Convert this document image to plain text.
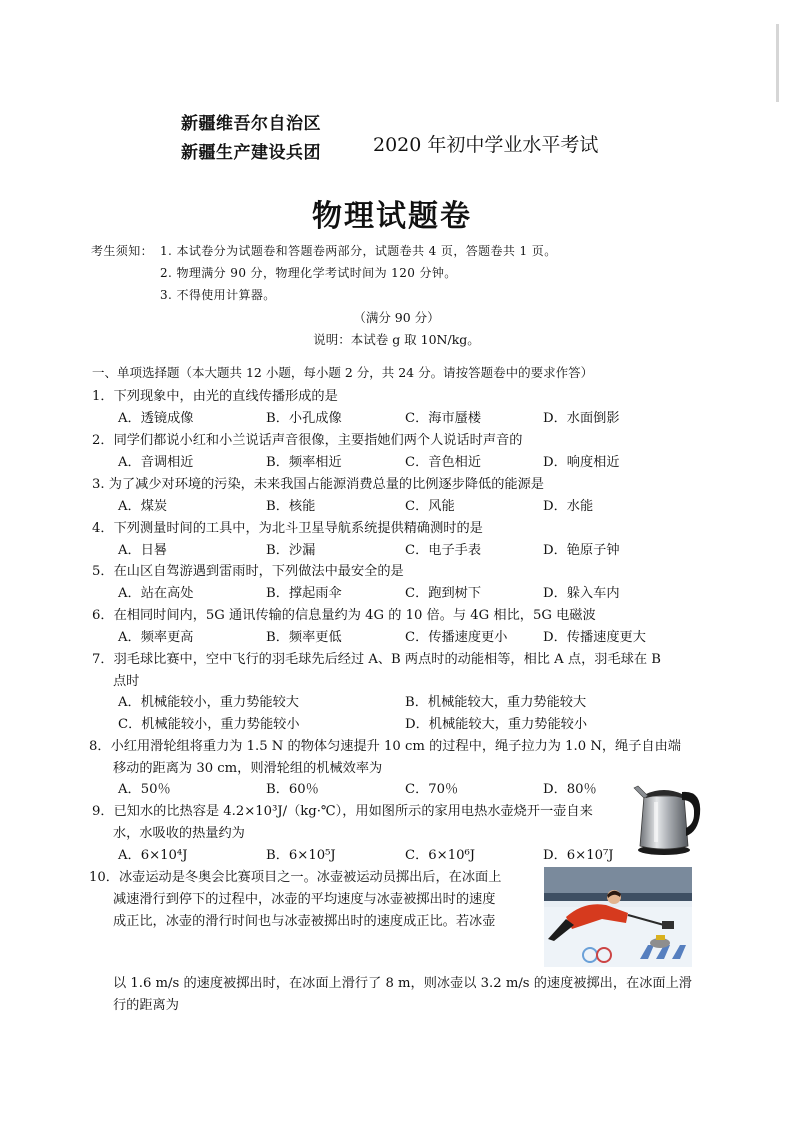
新疆维吾尔自治区
新疆生产建设兵团	2020 年初中学业水平考试
物理试题卷
考生须知： 1. 本试卷分为试题卷和答题卷两部分，试题卷共 4 页，答题卷共 1 页。
2. 物理满分 90 分，物理化学考试时间为 120 分钟。
3. 不得使用计算器。
（满分 90 分）
说明：本试卷 g 取 10N/kg。
一、单项选择题（本大题共 12 小题，每小题 2 分，共 24 分。请按答题卷中的要求作答）
1．下列现象中，由光的直线传播形成的是
A．透镜成像	B．小孔成像	C．海市蜃楼	D．水面倒影
2．同学们都说小红和小兰说话声音很像，主要指她们两个人说话时声音的
A．音调相近	B．频率相近	C．音色相近	D．响度相近
3. 为了减少对环境的污染，未来我国占能源消费总量的比例逐步降低的能源是
A．煤炭	B．核能	C．风能	D．水能
4．下列测量时间的工具中，为北斗卫星导航系统提供精确测时的是
A．日晷	B．沙漏	C．电子手表	D．铯原子钟
5．在山区自驾游遇到雷雨时，下列做法中最安全的是
A．站在高处	B．撑起雨伞	C．跑到树下	D．躲入车内
6．在相同时间内，5G 通讯传输的信息量约为 4G 的 10 倍。与 4G 相比，5G 电磁波
A．频率更高	B．频率更低	C．传播速度更小	D．传播速度更大
7．羽毛球比赛中，空中飞行的羽毛球先后经过 A、B 两点时的动能相等，相比 A 点，羽毛球在 B
点时
A．机械能较小，重力势能较大	B．机械能较大，重力势能较大
C．机械能较小，重力势能较小	D．机械能较大，重力势能较小
8．小红用滑轮组将重力为 1.5 N 的物体匀速提升 10 cm 的过程中，绳子拉力为 1.0 N，绳子自由端
移动的距离为 30 cm，则滑轮组的机械效率为
A．50％	B．60％	C．70％	D．80％
9．已知水的比热容是 4.2×10³J/（kg·℃），用如图所示的家用电热水壶烧开一壶自来
水，水吸收的热量约为
A．6×10⁴J	B．6×10⁵J	C．6×10⁶J	D．6×10⁷J
10．冰壶运动是冬奥会比赛项目之一。冰壶被运动员掷出后，在冰面上
减速滑行到停下的过程中，冰壶的平均速度与冰壶被掷出时的速度
成正比，冰壶的滑行时间也与冰壶被掷出时的速度成正比。若冰壶
以 1.6 m/s 的速度被掷出时，在冰面上滑行了 8 m，则冰壶以 3.2 m/s 的速度被掷出，在冰面上滑
行的距离为
